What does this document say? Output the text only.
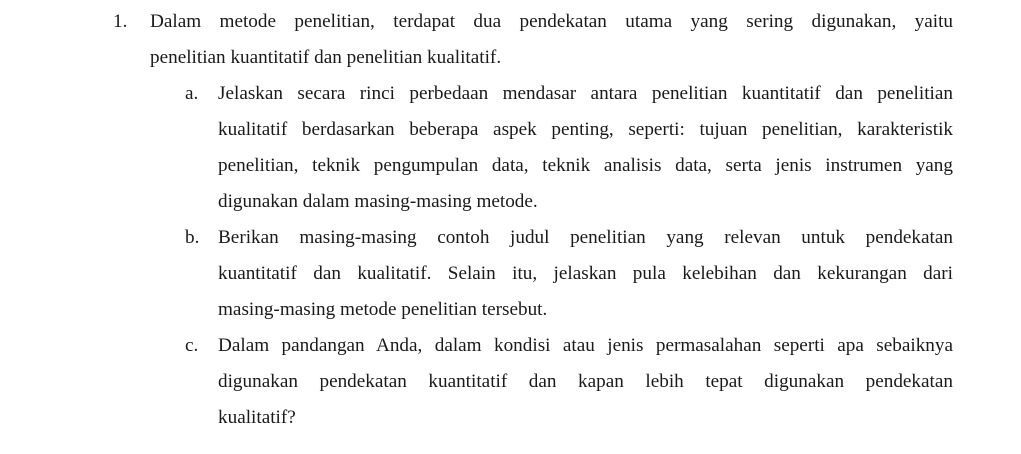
1. Dalam metode penelitian, terdapat dua pendekatan utama yang sering digunakan, yaitu
penelitian kuantitatif dan penelitian kualitatif.
a. Jelaskan secara rinci perbedaan mendasar antara penelitian kuantitatif dan penelitian
kualitatif berdasarkan beberapa aspek penting, seperti: tujuan penelitian, karakteristik
penelitian, teknik pengumpulan data, teknik analisis data, serta jenis instrumen yang
digunakan dalam masing-masing metode.
b. Berikan masing-masing contoh judul penelitian yang relevan untuk pendekatan
kuantitatif dan kualitatif. Selain itu, jelaskan pula kelebihan dan kekurangan dari
masing-masing metode penelitian tersebut.
c. Dalam pandangan Anda, dalam kondisi atau jenis permasalahan seperti apa sebaiknya
digunakan pendekatan kuantitatif dan kapan lebih tepat digunakan pendekatan
kualitatif?
